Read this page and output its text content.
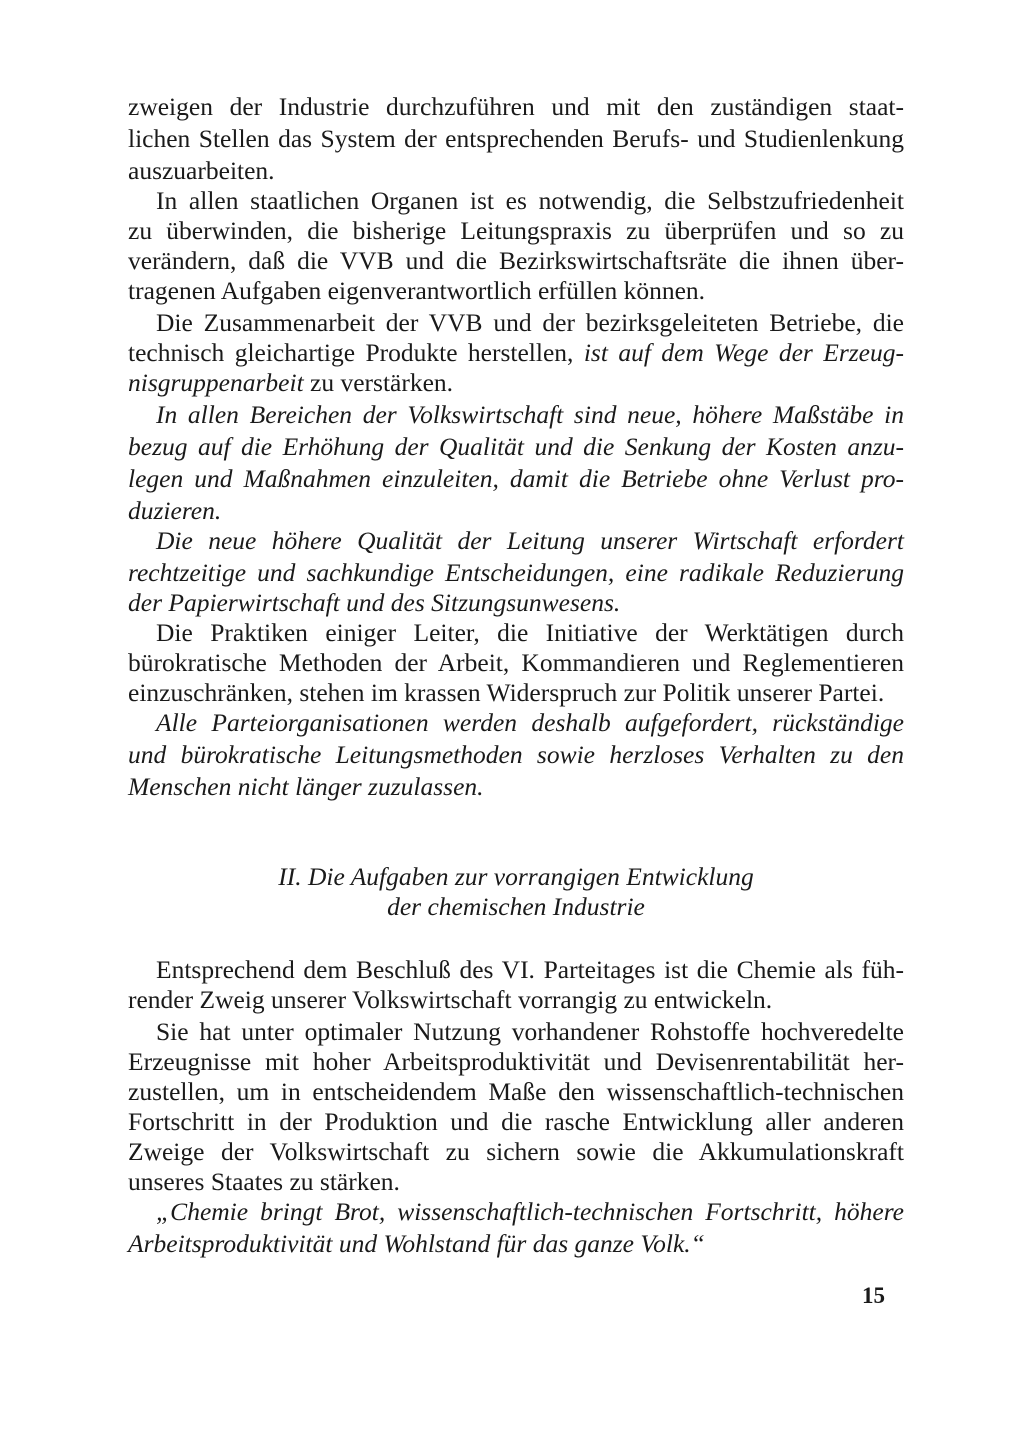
zweigen der Industrie durchzuführen und mit den zuständigen staat-
lichen Stellen das System der entsprechenden Berufs- und Studienlenkung
auszuarbeiten.
In allen staatlichen Organen ist es notwendig, die Selbstzufriedenheit
zu überwinden, die bisherige Leitungspraxis zu überprüfen und so zu
verändern, daß die VVB und die Bezirkswirtschaftsräte die ihnen über-
tragenen Aufgaben eigenverantwortlich erfüllen können.
Die Zusammenarbeit der VVB und der bezirksgeleiteten Betriebe, die
technisch gleichartige Produkte herstellen, ist auf dem Wege der Erzeug-
nisgruppenarbeit zu verstärken.
In allen Bereichen der Volkswirtschaft sind neue, höhere Maßstäbe in
bezug auf die Erhöhung der Qualität und die Senkung der Kosten anzu-
legen und Maßnahmen einzuleiten, damit die Betriebe ohne Verlust pro-
duzieren.
Die neue höhere Qualität der Leitung unserer Wirtschaft erfordert
rechtzeitige und sachkundige Entscheidungen, eine radikale Reduzierung
der Papierwirtschaft und des Sitzungsunwesens.
Die Praktiken einiger Leiter, die Initiative der Werktätigen durch
bürokratische Methoden der Arbeit, Kommandieren und Reglementieren
einzuschränken, stehen im krassen Widerspruch zur Politik unserer Partei.
Alle Parteiorganisationen werden deshalb aufgefordert, rückständige
und bürokratische Leitungsmethoden sowie herzloses Verhalten zu den
Menschen nicht länger zuzulassen.
II. Die Aufgaben zur vorrangigen Entwicklung
der chemischen Industrie
Entsprechend dem Beschluß des VI. Parteitages ist die Chemie als füh-
render Zweig unserer Volkswirtschaft vorrangig zu entwickeln.
Sie hat unter optimaler Nutzung vorhandener Rohstoffe hochveredelte
Erzeugnisse mit hoher Arbeitsproduktivität und Devisenrentabilität her-
zustellen, um in entscheidendem Maße den wissenschaftlich-technischen
Fortschritt in der Produktion und die rasche Entwicklung aller anderen
Zweige der Volkswirtschaft zu sichern sowie die Akkumulationskraft
unseres Staates zu stärken.
„Chemie bringt Brot, wissenschaftlich-technischen Fortschritt, höhere
Arbeitsproduktivität und Wohlstand für das ganze Volk.“
15
